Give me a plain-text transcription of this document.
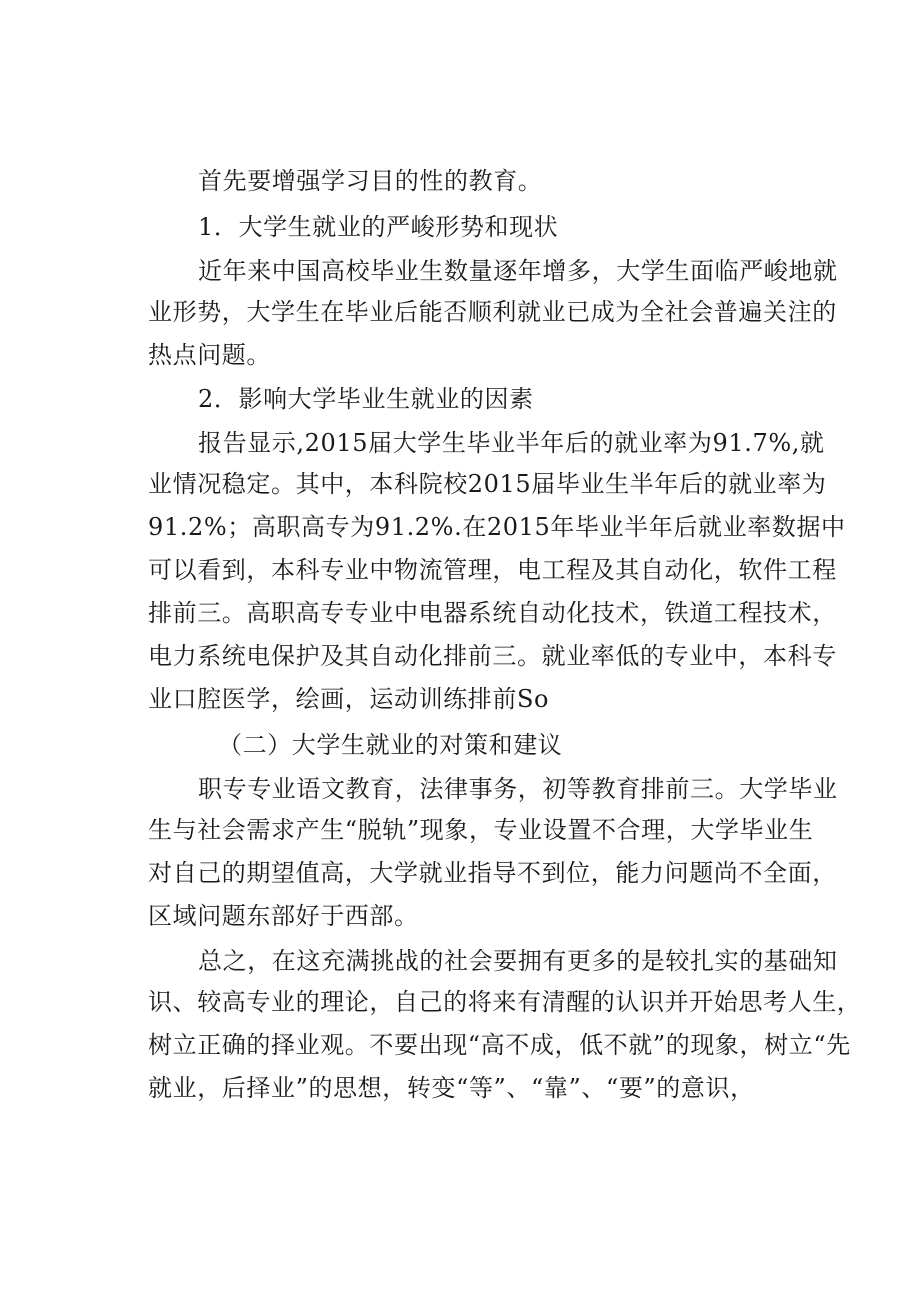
首先要增强学习目的性的教育。
1．大学生就业的严峻形势和现状
近年来中国高校毕业生数量逐年增多，大学生面临严峻地就
业形势，大学生在毕业后能否顺利就业已成为全社会普遍关注的
热点问题。
2．影响大学毕业生就业的因素
报告显示,2015届大学生毕业半年后的就业率为91.7%,就
业情况稳定。其中，本科院校2015届毕业生半年后的就业率为
91.2%；高职高专为91.2%.在2015年毕业半年后就业率数据中
可以看到，本科专业中物流管理，电工程及其自动化，软件工程
排前三。高职高专专业中电器系统自动化技术，铁道工程技术，
电力系统电保护及其自动化排前三。就业率低的专业中，本科专
业口腔医学，绘画，运动训练排前So
（二）大学生就业的对策和建议
职专专业语文教育，法律事务，初等教育排前三。大学毕业
生与社会需求产生“脱轨”现象，专业设置不合理，大学毕业生
对自己的期望值高，大学就业指导不到位，能力问题尚不全面，
区域问题东部好于西部。
总之，在这充满挑战的社会要拥有更多的是较扎实的基础知
识、较高专业的理论，自己的将来有清醒的认识并开始思考人生，
树立正确的择业观。不要出现“高不成，低不就”的现象，树立“先
就业，后择业”的思想，转变“等”、“靠”、“要”的意识，
